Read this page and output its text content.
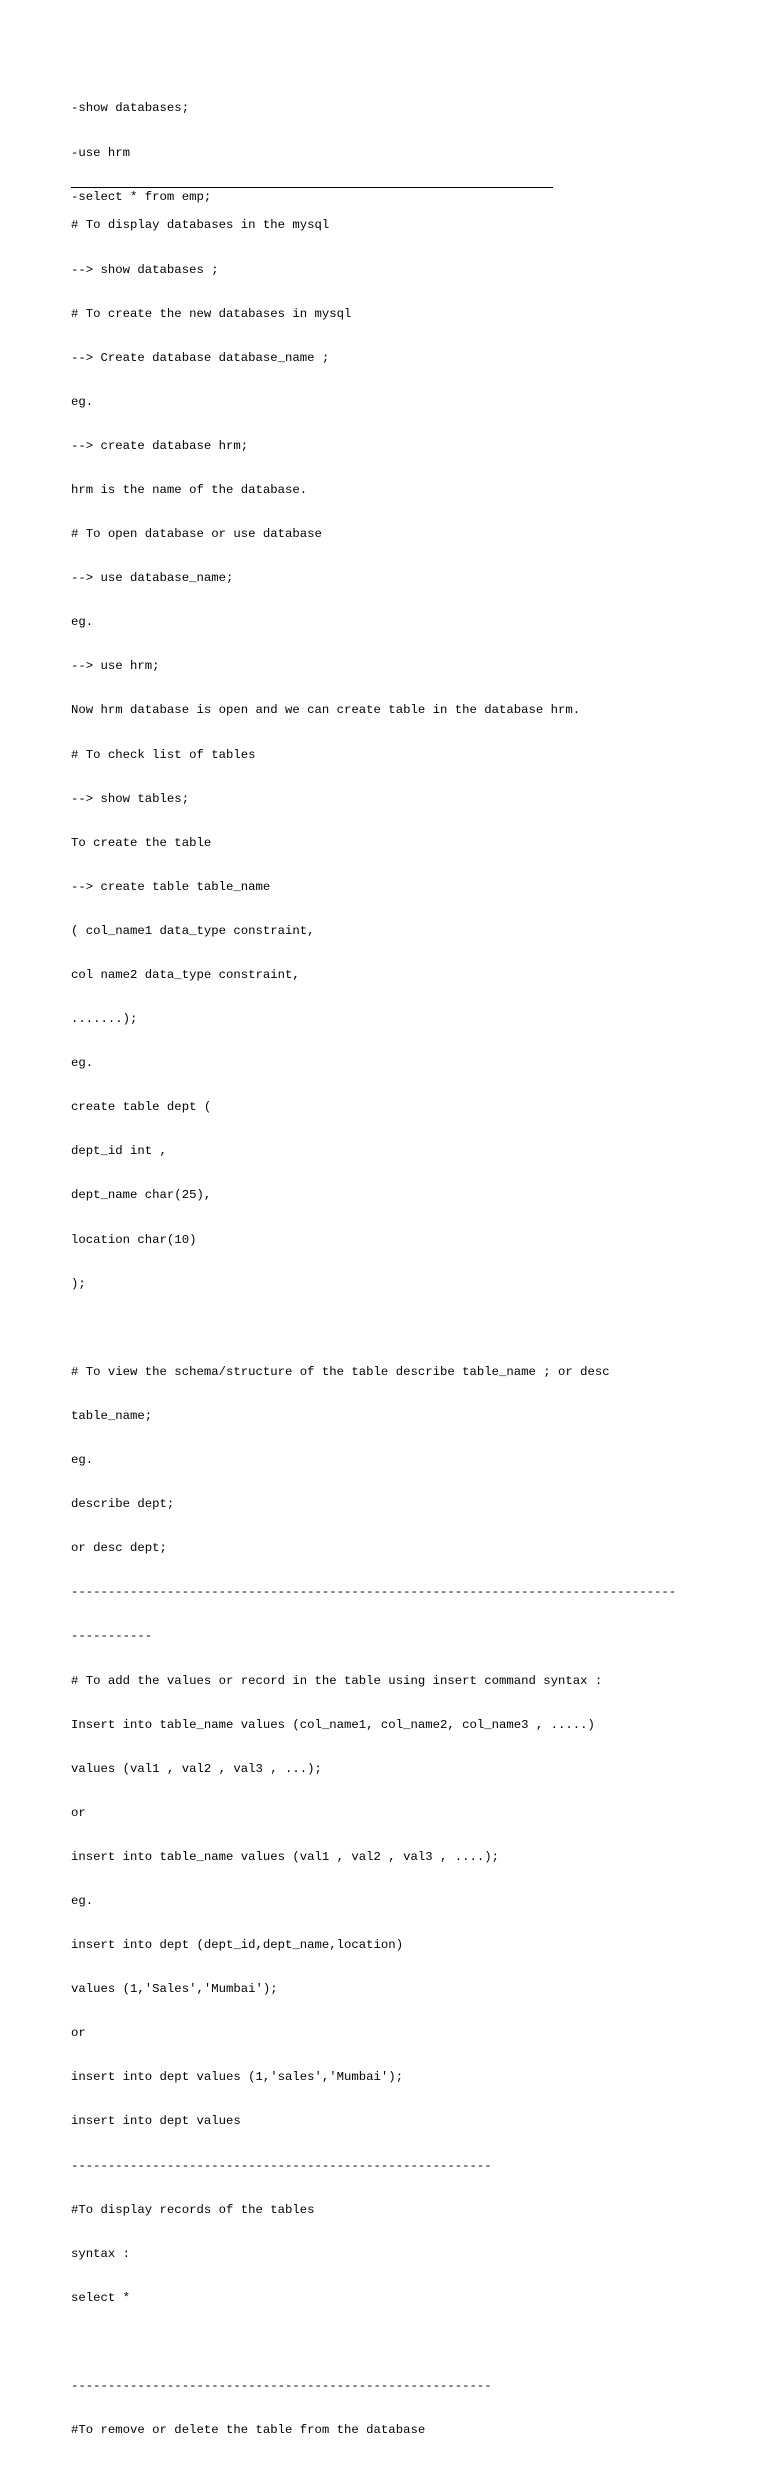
-show databases;

-use hrm

-select * from emp;

# To display databases in the mysql

--> show databases ;

# To create the new databases in mysql

--> Create database database_name ;

eg.

--> create database hrm;

hrm is the name of the database.

# To open database or use database

--> use database_name;

eg.

--> use hrm;

Now hrm database is open and we can create table in the database hrm.

# To check list of tables

--> show tables;

To create the table

--> create table table_name

( col_name1 data_type constraint,

col name2 data_type constraint,

.......);

eg.

create table dept (

dept_id int ,

dept_name char(25),

location char(10)

);

# To view the schema/structure of the table describe table_name ; or desc

table_name;

eg.

describe dept;

or desc dept;

----------------------------------------------------------------------------------

-----------

# To add the values or record in the table using insert command syntax :

Insert into table_name values (col_name1, col_name2, col_name3 , .....)

values (val1 , val2 , val3 , ...);

or

insert into table_name values (val1 , val2 , val3 , ....);

eg.

insert into dept (dept_id,dept_name,location)

values (1,'Sales','Mumbai');

or

insert into dept values (1,'sales','Mumbai');

insert into dept values

---------------------------------------------------------

#To display records of the tables

syntax :

select *

---------------------------------------------------------

#To remove or delete the table from the database
